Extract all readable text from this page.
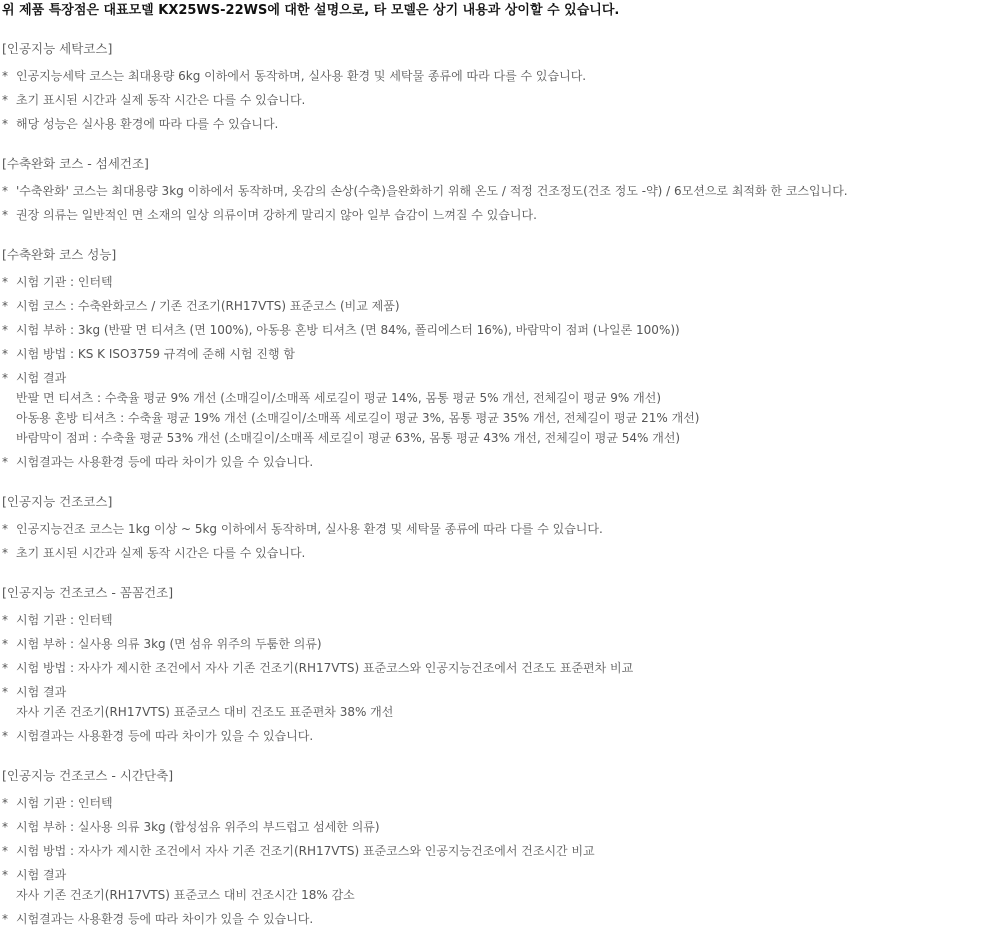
위 제품 특장점은 대표모델 KX25WS-22WS에 대한 설명으로, 타 모델은 상기 내용과 상이할 수 있습니다.

[인공지능 세탁코스]
* 인공지능세탁 코스는 최대용량 6kg 이하에서 동작하며, 실사용 환경 및 세탁물 종류에 따라 다를 수 있습니다.
* 초기 표시된 시간과 실제 동작 시간은 다를 수 있습니다.
* 해당 성능은 실사용 환경에 따라 다를 수 있습니다.
[수축완화 코스 - 섬세건조]
* '수축완화' 코스는 최대용량 3kg 이하에서 동작하며, 옷감의 손상(수축)을완화하기 위해 온도 / 적정 건조정도(건조 정도 -약) / 6모션으로 최적화 한 코스입니다.
* 권장 의류는 일반적인 면 소재의 일상 의류이며 강하게 말리지 않아 일부 습감이 느껴질 수 있습니다.
[수축완화 코스 성능]
* 시험 기관 : 인터텍
* 시험 코스 : 수축완화코스 / 기존 건조기(RH17VTS) 표준코스 (비교 제품)
* 시험 부하 : 3kg (반팔 면 티셔츠 (면 100%), 아동용 혼방 티셔츠 (면 84%, 폴리에스터 16%), 바람막이 점퍼 (나일론 100%))
* 시험 방법 : KS K ISO3759 규격에 준해 시험 진행 함
* 시험 결과
반팔 면 티셔츠 : 수축율 평균 9% 개선 (소매길이/소매폭 세로길이 평균 14%, 몸통 평균 5% 개선, 전체길이 평균 9% 개선)
아동용 혼방 티셔츠 : 수축율 평균 19% 개선 (소매길이/소매폭 세로길이 평균 3%, 몸통 평균 35% 개선, 전체길이 평균 21% 개선)
바람막이 점퍼 : 수축율 평균 53% 개선 (소매길이/소매폭 세로길이 평균 63%, 몸통 평균 43% 개선, 전체길이 평균 54% 개선)
* 시험결과는 사용환경 등에 따라 차이가 있을 수 있습니다.
[인공지능 건조코스]
* 인공지능건조 코스는 1kg 이상 ~ 5kg 이하에서 동작하며, 실사용 환경 및 세탁물 종류에 따라 다를 수 있습니다.
* 초기 표시된 시간과 실제 동작 시간은 다를 수 있습니다.
[인공지능 건조코스 - 꼼꼼건조]
* 시험 기관 : 인터텍
* 시험 부하 : 실사용 의류 3kg (면 섬유 위주의 두툼한 의류)
* 시험 방법 : 자사가 제시한 조건에서 자사 기존 건조기(RH17VTS) 표준코스와 인공지능건조에서 건조도 표준편차 비교
* 시험 결과
자사 기존 건조기(RH17VTS) 표준코스 대비 건조도 표준편차 38% 개선
* 시험결과는 사용환경 등에 따라 차이가 있을 수 있습니다.
[인공지능 건조코스 - 시간단축]
* 시험 기관 : 인터텍
* 시험 부하 : 실사용 의류 3kg (합성섬유 위주의 부드럽고 섬세한 의류)
* 시험 방법 : 자사가 제시한 조건에서 자사 기존 건조기(RH17VTS) 표준코스와 인공지능건조에서 건조시간 비교
* 시험 결과
자사 기존 건조기(RH17VTS) 표준코스 대비 건조시간 18% 감소
* 시험결과는 사용환경 등에 따라 차이가 있을 수 있습니다.
